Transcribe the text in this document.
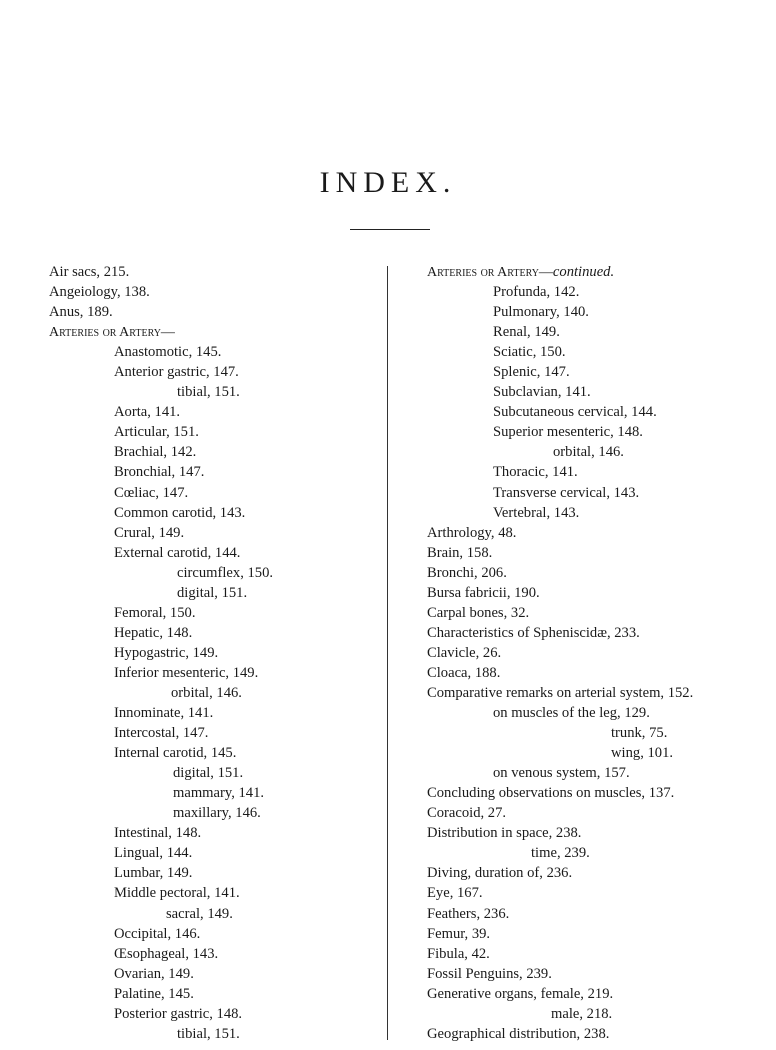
INDEX.
Air sacs, 215.
Angeiology, 138.
Anus, 189.
Arteries or Artery—
Anastomotic, 145.
Anterior gastric, 147.
tibial, 151.
Aorta, 141.
Articular, 151.
Brachial, 142.
Bronchial, 147.
Cœliac, 147.
Common carotid, 143.
Crural, 149.
External carotid, 144.
circumflex, 150.
digital, 151.
Femoral, 150.
Hepatic, 148.
Hypogastric, 149.
Inferior mesenteric, 149.
orbital, 146.
Innominate, 141.
Intercostal, 147.
Internal carotid, 145.
digital, 151.
mammary, 141.
maxillary, 146.
Intestinal, 148.
Lingual, 144.
Lumbar, 149.
Middle pectoral, 141.
sacral, 149.
Occipital, 146.
Œsophageal, 143.
Ovarian, 149.
Palatine, 145.
Posterior gastric, 148.
tibial, 151.
Arteries or Artery—continued.
Profunda, 142.
Pulmonary, 140.
Renal, 149.
Sciatic, 150.
Splenic, 147.
Subclavian, 141.
Subcutaneous cervical, 144.
Superior mesenteric, 148.
orbital, 146.
Thoracic, 141.
Transverse cervical, 143.
Vertebral, 143.
Arthrology, 48.
Brain, 158.
Bronchi, 206.
Bursa fabricii, 190.
Carpal bones, 32.
Characteristics of Spheniscidæ, 233.
Clavicle, 26.
Cloaca, 188.
Comparative remarks on arterial system, 152.
on muscles of the leg, 129.
trunk, 75.
wing, 101.
on venous system, 157.
Concluding observations on muscles, 137.
Coracoid, 27.
Distribution in space, 238.
time, 239.
Diving, duration of, 236.
Eye, 167.
Feathers, 236.
Femur, 39.
Fibula, 42.
Fossil Penguins, 239.
Generative organs, female, 219.
male, 218.
Geographical distribution, 238.
